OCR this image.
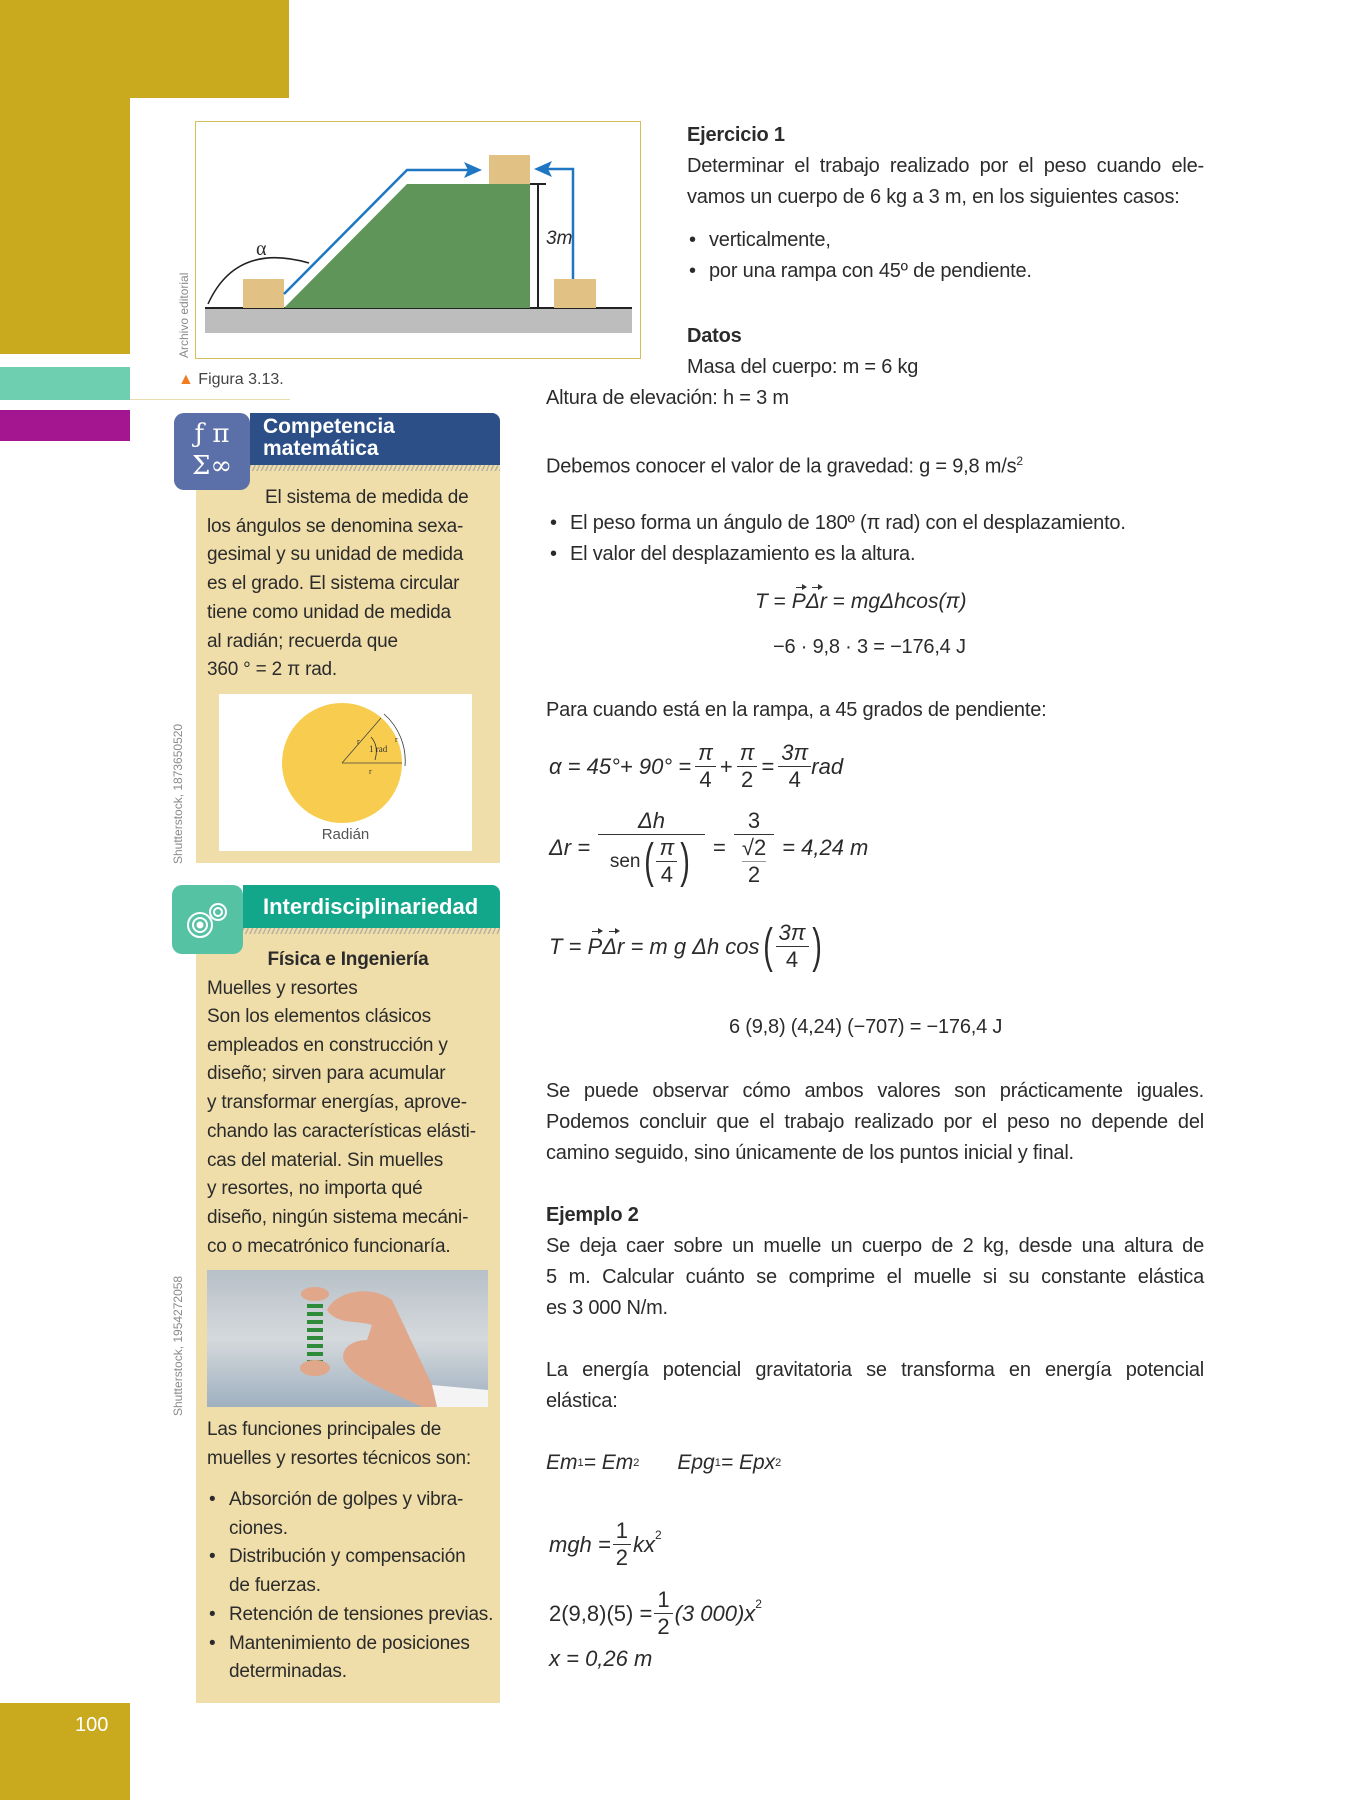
100
α	3m
Archivo editorial
▲ Figura 3.13.
Competencia
matemática
ƒ π
Σ∞
El sistema de medida de
los ángulos se denomina sexa-
gesimal y su unidad de medida
es el grado. El sistema circular
tiene como unidad de medida
al radián; recuerda que
360 ° = 2 π rad.
r	r
r
1 rad
Radián
Shutterstock, 1873650520
Interdisciplinariedad
Física e Ingeniería
Muelles y resortes
Son los elementos clásicos
empleados en construcción y
diseño; sirven para acumular
y transformar energías, aprove-
chando las características elásti-
cas del material. Sin muelles
y resortes, no importa qué
diseño, ningún sistema mecáni-
co o mecatrónico funcionaría.
Shutterstock, 1954272058
Las funciones principales de
muelles y resortes técnicos son:
• Absorción de golpes y vibra-
ciones.
• Distribución y compensación
de fuerzas.
• Retención de tensiones previas.
• Mantenimiento de posiciones
determinadas.
Ejercicio 1
Determinar el trabajo realizado por el peso cuando ele-
vamos un cuerpo de 6 kg a 3 m, en los siguientes casos:
• verticalmente,
• por una rampa con 45º de pendiente.
Datos
Masa del cuerpo: m = 6 kg
Altura de elevación: h = 3 m
Debemos conocer el valor de la gravedad: g = 9,8 $m/s^2$
• El peso forma un ángulo de 180º (π rad) con el desplazamiento.
• El valor del desplazamiento es la altura.
T
=
P Δr
=
mgΔhcos(π)
−6 · 9,8 · 3 = −176,4 J
Para cuando está en la rampa, a 45 grados de pendiente:
$\alpha = 45^\circ+ 90^\circ = \frac{\pi}{4} + \frac{\pi}{2} = \frac{3\pi}{4}$ rad
Δr =
Δh
sen ( π
4 ) =
3
√2
2
= 4,24 m
T =
P Δr
= m g Δh cos ( 3π
4 )
6 (9,8) (4,24) (−707) = −176,4 J
Se puede observar cómo ambos valores son prácticamente iguales.
Podemos concluir que el trabajo realizado por el peso no depende del
camino seguido, sino únicamente de los puntos inicial y final.
Ejemplo 2
Se deja caer sobre un muelle un cuerpo de 2 kg, desde una altura de
5 m. Calcular cuánto se comprime el muelle si su constante elástica
es 3 000 N/m.
La energía potencial gravitatoria se transforma en energía potencial
elástica:
Em 1 = Em 2 Epg 1 = Epx 2
mgh = $\frac{1}{2} kx^2$
$2(9,8)(5) = \frac{1}{2} (3$ $000)x^2$
x = 0,26 m
